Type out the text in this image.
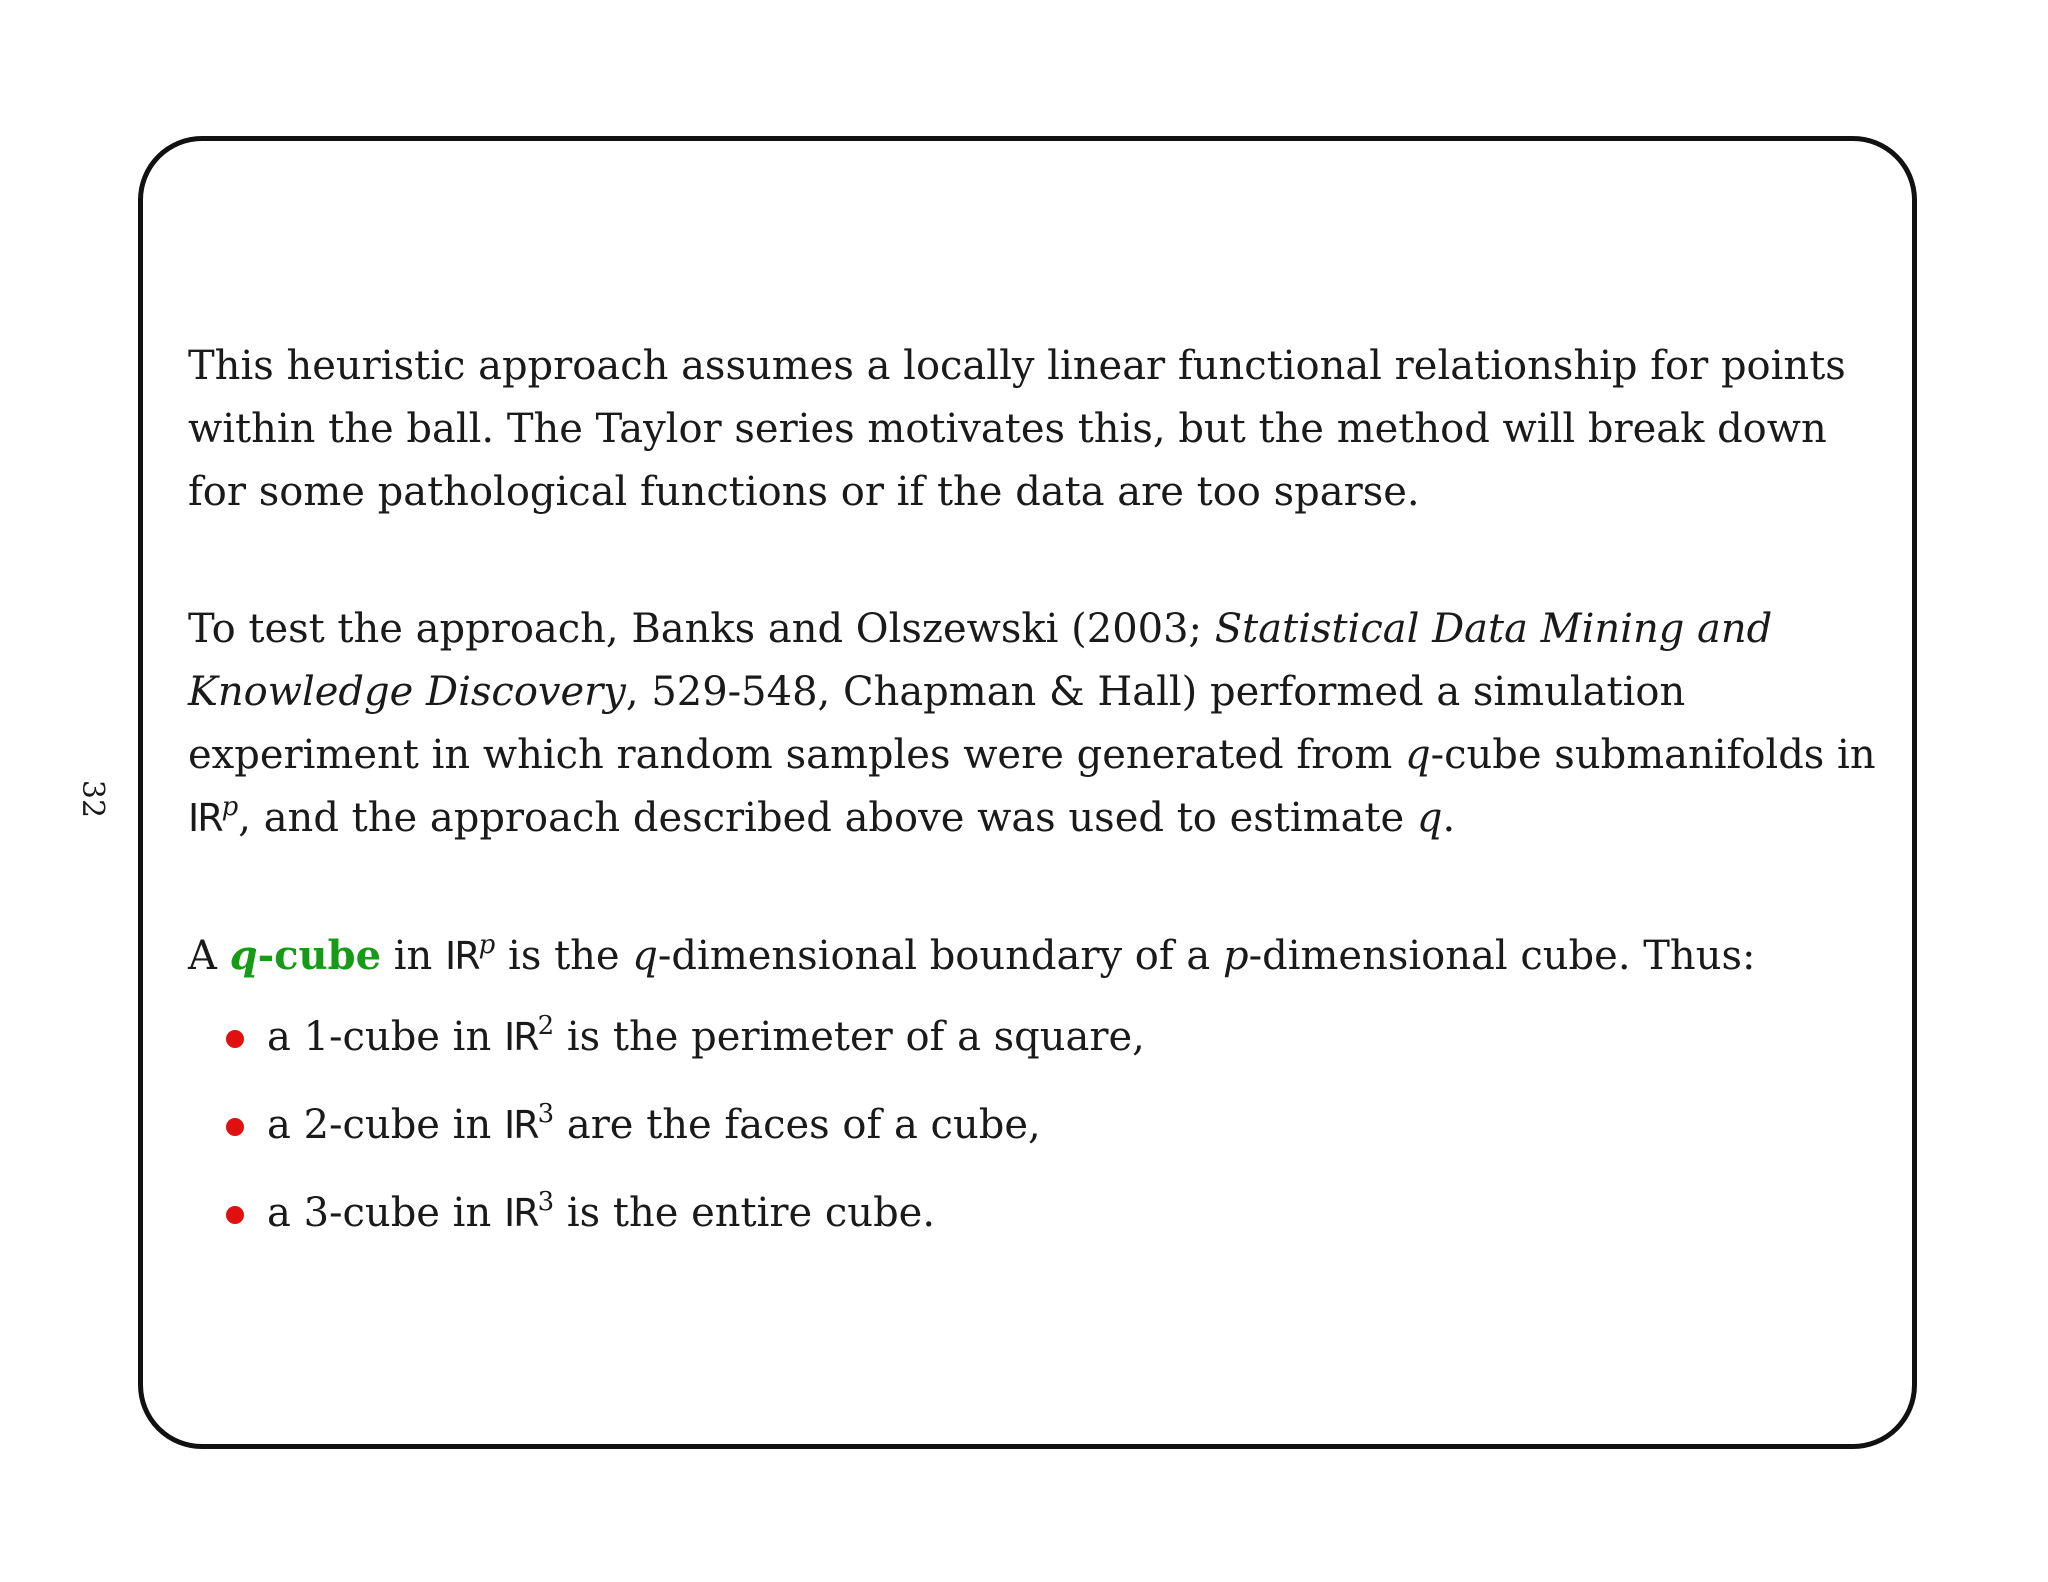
32

This heuristic approach assumes a locally linear functional relationship for points within the ball. The Taylor series motivates this, but the method will break down for some pathological functions or if the data are too sparse.

To test the approach, Banks and Olszewski (2003; Statistical Data Mining and Knowledge Discovery, 529-548, Chapman & Hall) performed a simulation experiment in which random samples were generated from q-cube submanifolds in $IR^p$, and the approach described above was used to estimate q.

A q-cube in $IR^p$ is the q-dimensional boundary of a p-dimensional cube. Thus:

a 1-cube in $IR^2$ is the perimeter of a square,
a 2-cube in $IR^3$ are the faces of a cube,
a 3-cube in $IR^3$ is the entire cube.
